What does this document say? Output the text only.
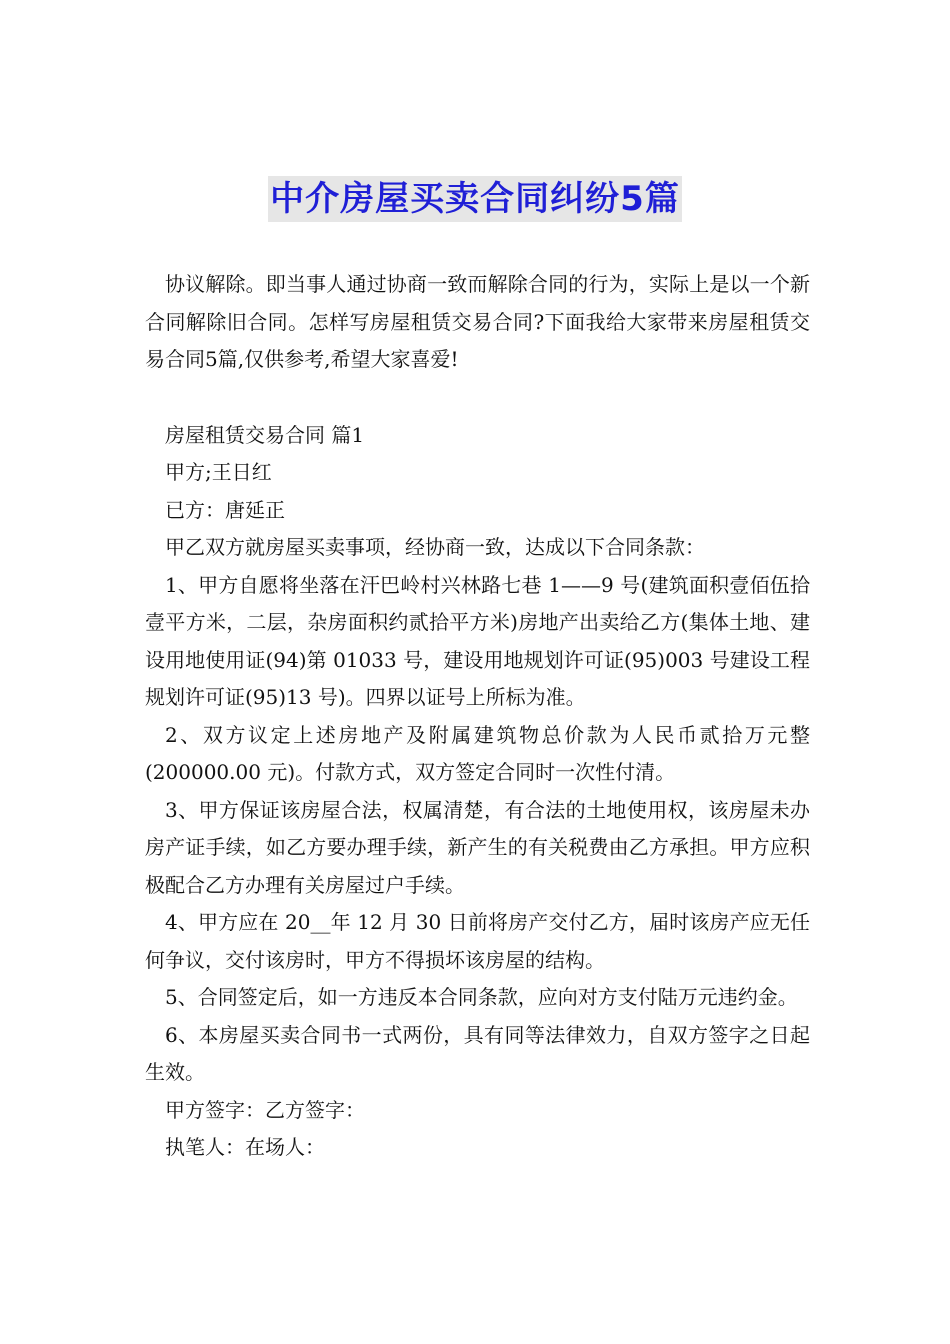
中介房屋买卖合同纠纷5篇

协议解除。即当事人通过协商一致而解除合同的行为，实际上是以一个新合同解除旧合同。怎样写房屋租赁交易合同?下面我给大家带来房屋租赁交易合同5篇,仅供参考,希望大家喜爱!

房屋租赁交易合同 篇1

甲方;王日红

已方：唐延正

甲乙双方就房屋买卖事项，经协商一致，达成以下合同条款：

1、甲方自愿将坐落在汗巴岭村兴林路七巷 1——9 号(建筑面积壹佰伍拾壹平方米，二层，杂房面积约贰拾平方米)房地产出卖给乙方(集体土地、建设用地使用证(94)第 01033 号，建设用地规划许可证(95)003 号建设工程规划许可证(95)13 号)。四界以证号上所标为准。

2、双方议定上述房地产及附属建筑物总价款为人民币贰拾万元整(200000.00 元)。付款方式，双方签定合同时一次性付清。

3、甲方保证该房屋合法，权属清楚，有合法的土地使用权，该房屋未办房产证手续，如乙方要办理手续，新产生的有关税费由乙方承担。甲方应积极配合乙方办理有关房屋过户手续。

4、甲方应在 20__年 12 月 30 日前将房产交付乙方，届时该房产应无任何争议，交付该房时，甲方不得损坏该房屋的结构。

5、合同签定后，如一方违反本合同条款，应向对方支付陆万元违约金。

6、本房屋买卖合同书一式两份，具有同等法律效力，自双方签字之日起生效。

甲方签字：乙方签字：

执笔人：在场人：
